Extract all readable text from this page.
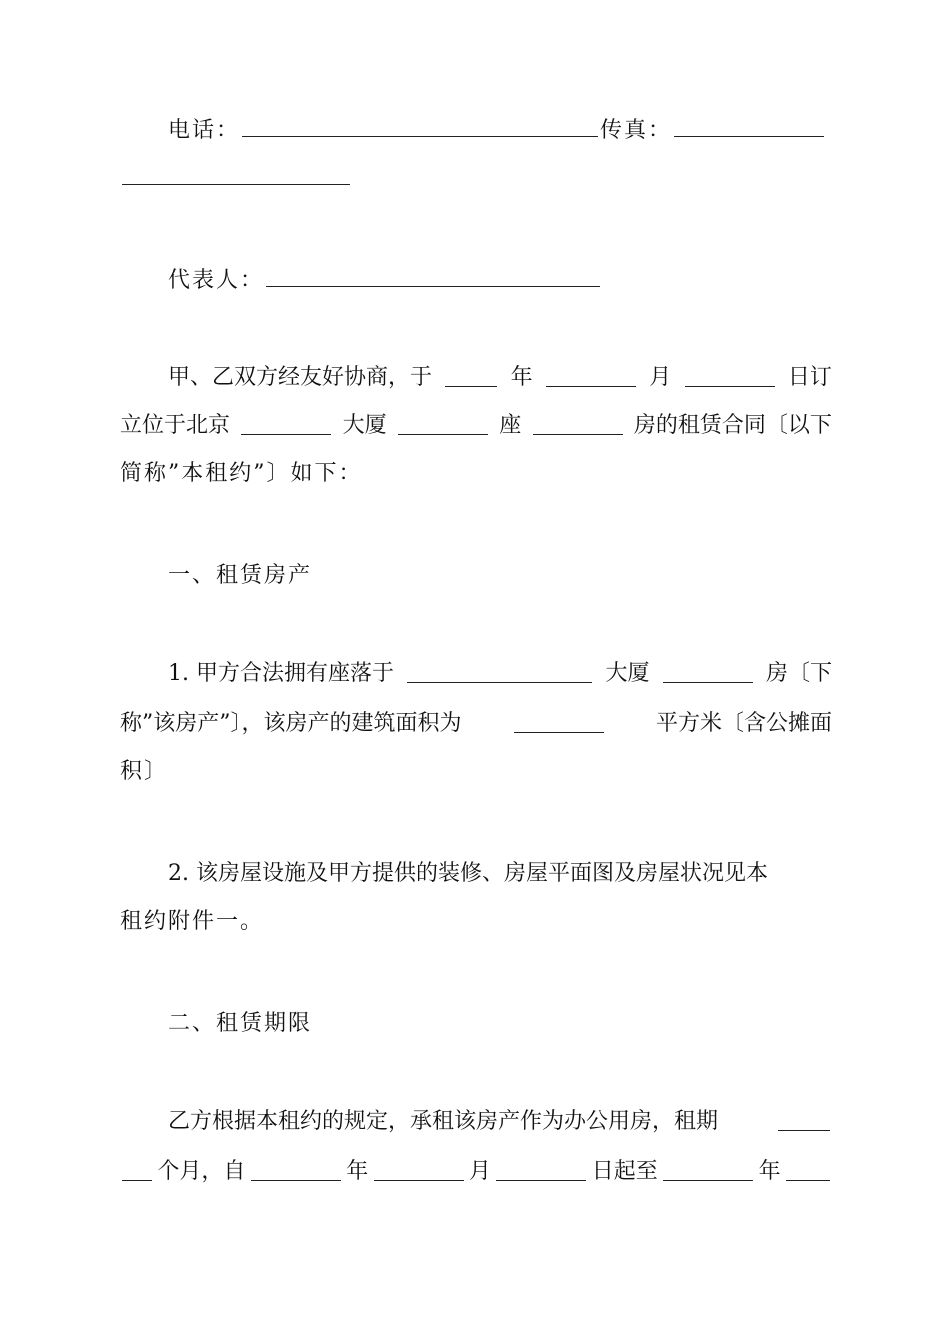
电话：	传真：
代表人：
甲、乙双方经友好协商，于	年	月	日订
立位于北京	大厦	座	房的租赁合同〔以下
简称”本租约”〕如下：
一、租赁房产
1. 甲方合法拥有座落于	大厦	房〔下
称”该房产”〕，该房产的建筑面积为	平方米〔含公摊面
积〕
2. 该房屋设施及甲方提供的装修、房屋平面图及房屋状况见本
租约附件一。
二、租赁期限
乙方根据本租约的规定，承租该房产作为办公用房，租期
个月，自	年	月	日起至	年
